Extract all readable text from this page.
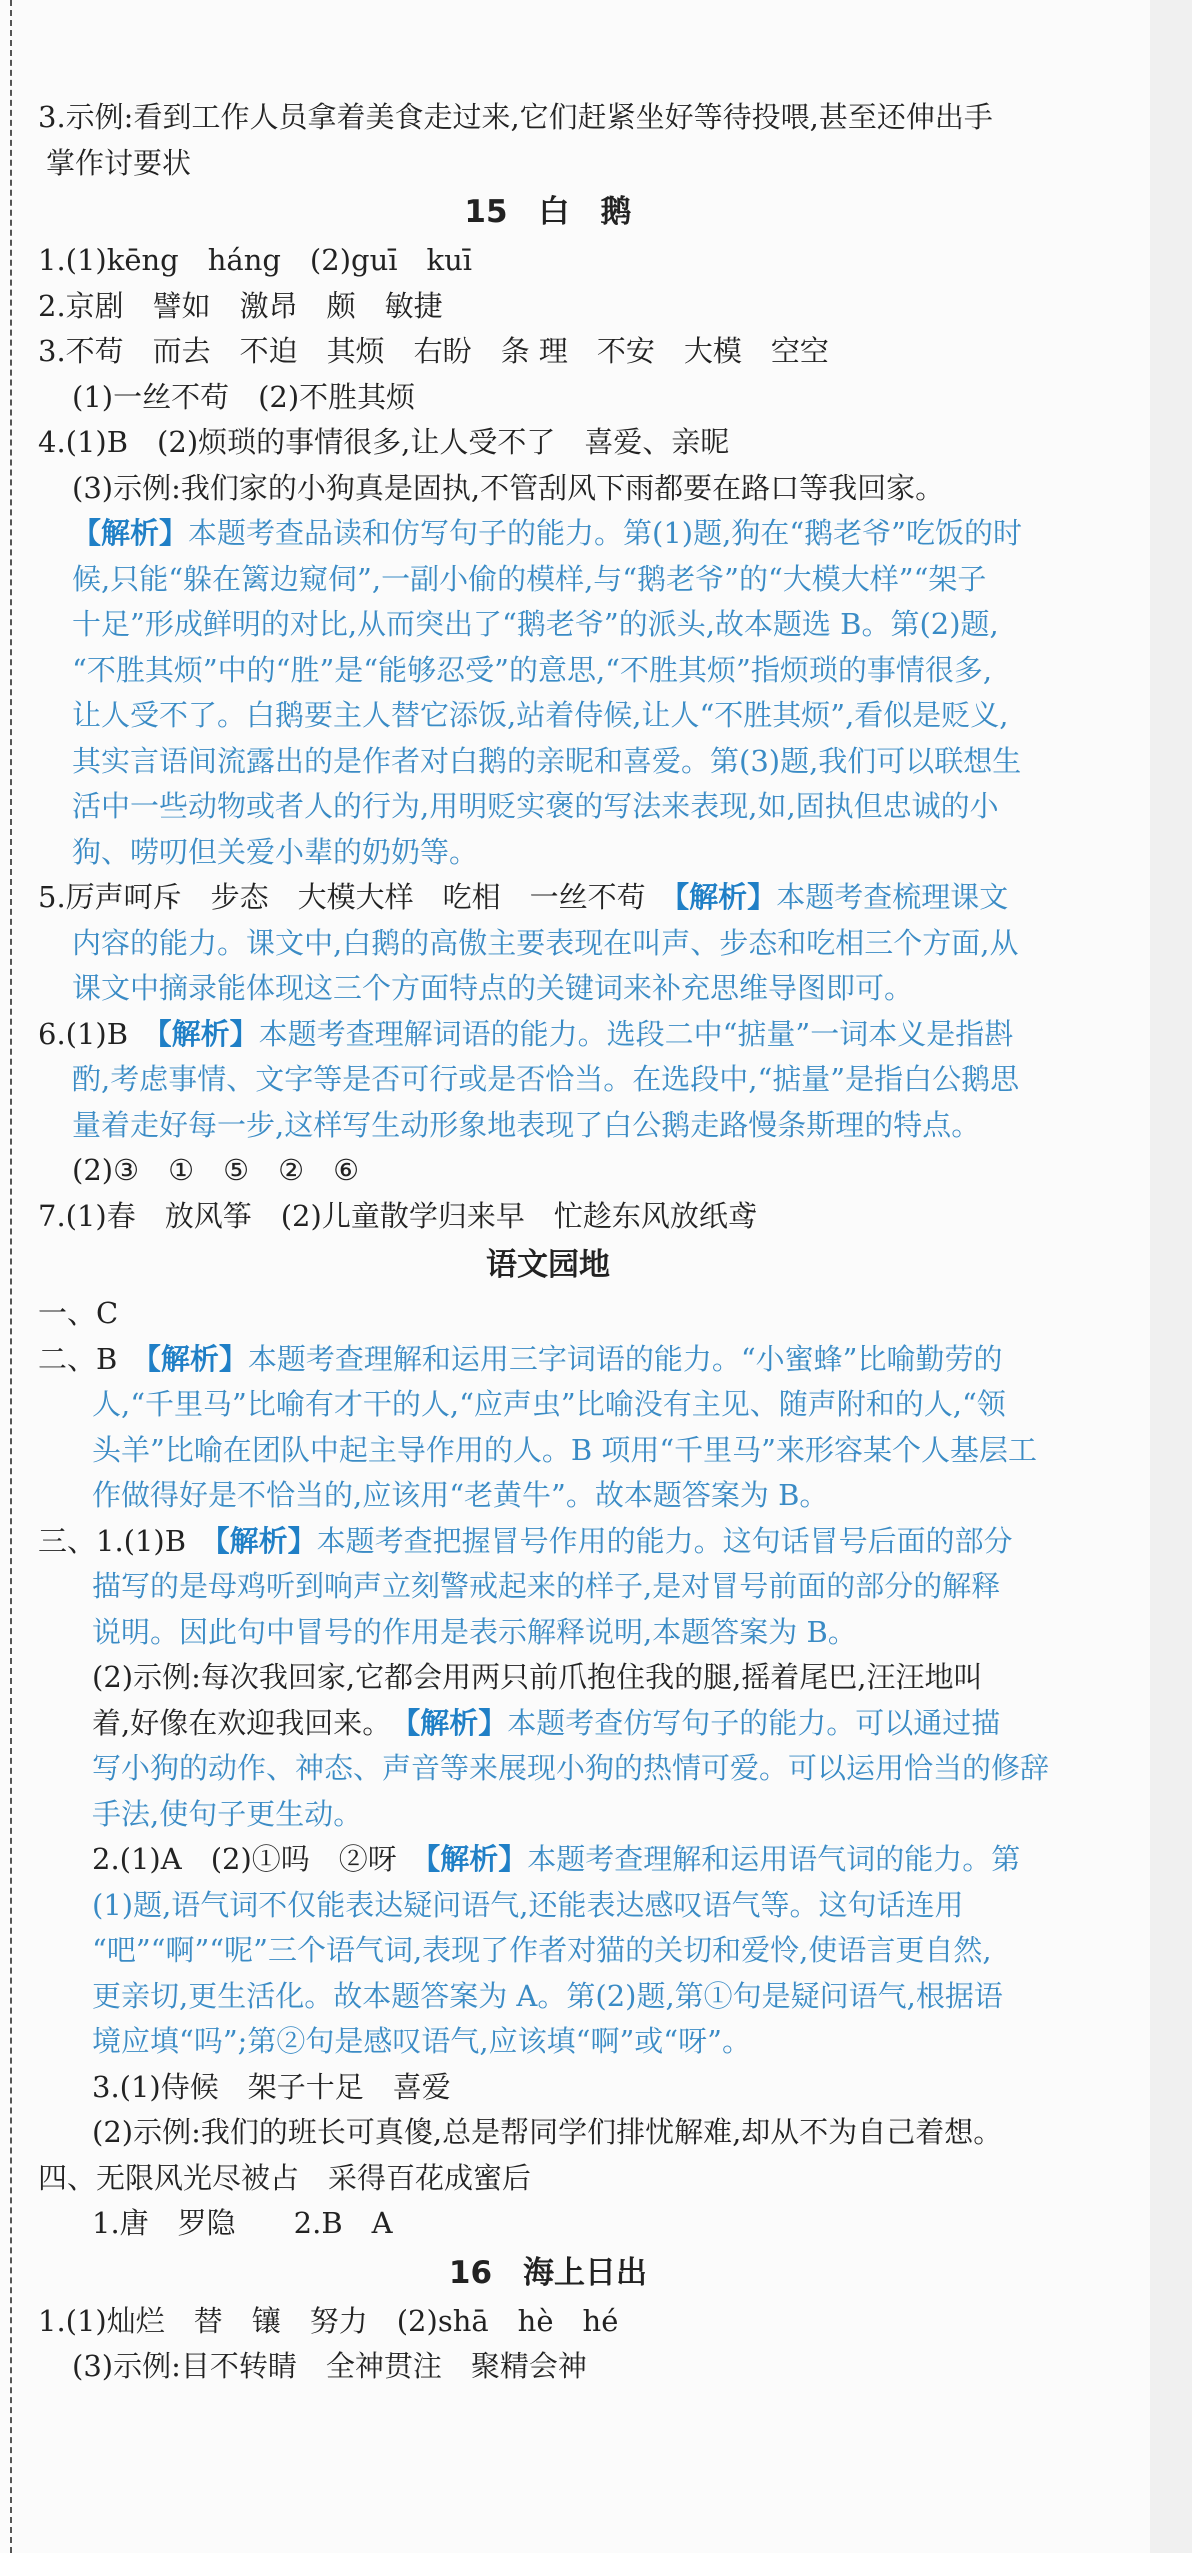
3.示例:看到工作人员拿着美食走过来,它们赶紧坐好等待投喂,甚至还伸出手
掌作讨要状
15　白　鹅
1.(1)kēng　háng　(2)guī　kuī
2.京剧　譬如　激昂　颇　敏捷
3.不苟　而去　不迫　其烦　右盼　条 理　不安　大模　空空
(1)一丝不苟　(2)不胜其烦
4.(1)B　(2)烦琐的事情很多,让人受不了　喜爱、亲昵
(3)示例:我们家的小狗真是固执,不管刮风下雨都要在路口等我回家。
【解析】本题考查品读和仿写句子的能力。第(1)题,狗在“鹅老爷”吃饭的时
候,只能“躲在篱边窥伺”,一副小偷的模样,与“鹅老爷”的“大模大样”“架子
十足”形成鲜明的对比,从而突出了“鹅老爷”的派头,故本题选 B。第(2)题,
“不胜其烦”中的“胜”是“能够忍受”的意思,“不胜其烦”指烦琐的事情很多,
让人受不了。白鹅要主人替它添饭,站着侍候,让人“不胜其烦”,看似是贬义,
其实言语间流露出的是作者对白鹅的亲昵和喜爱。第(3)题,我们可以联想生
活中一些动物或者人的行为,用明贬实褒的写法来表现,如,固执但忠诚的小
狗、唠叨但关爱小辈的奶奶等。
5.厉声呵斥　步态　大模大样　吃相　一丝不苟　【解析】本题考查梳理课文
内容的能力。课文中,白鹅的高傲主要表现在叫声、步态和吃相三个方面,从
课文中摘录能体现这三个方面特点的关键词来补充思维导图即可。
6.(1)B　【解析】本题考查理解词语的能力。选段二中“掂量”一词本义是指斟
酌,考虑事情、文字等是否可行或是否恰当。在选段中,“掂量”是指白公鹅思
量着走好每一步,这样写生动形象地表现了白公鹅走路慢条斯理的特点。
(2)③　①　⑤　②　⑥
7.(1)春　放风筝　(2)儿童散学归来早　忙趁东风放纸鸢
语文园地
一、C
二、B　【解析】本题考查理解和运用三字词语的能力。“小蜜蜂”比喻勤劳的
人,“千里马”比喻有才干的人,“应声虫”比喻没有主见、随声附和的人,“领
头羊”比喻在团队中起主导作用的人。B 项用“千里马”来形容某个人基层工
作做得好是不恰当的,应该用“老黄牛”。故本题答案为 B。
三、1.(1)B　【解析】本题考查把握冒号作用的能力。这句话冒号后面的部分
描写的是母鸡听到响声立刻警戒起来的样子,是对冒号前面的部分的解释
说明。因此句中冒号的作用是表示解释说明,本题答案为 B。
(2)示例:每次我回家,它都会用两只前爪抱住我的腿,摇着尾巴,汪汪地叫
着,好像在欢迎我回来。　【解析】本题考查仿写句子的能力。可以通过描
写小狗的动作、神态、声音等来展现小狗的热情可爱。可以运用恰当的修辞
手法,使句子更生动。
2.(1)A　(2)①吗　②呀　【解析】本题考查理解和运用语气词的能力。第
(1)题,语气词不仅能表达疑问语气,还能表达感叹语气等。这句话连用
“吧”“啊”“呢”三个语气词,表现了作者对猫的关切和爱怜,使语言更自然,
更亲切,更生活化。故本题答案为 A。第(2)题,第①句是疑问语气,根据语
境应填“吗”;第②句是感叹语气,应该填“啊”或“呀”。
3.(1)侍候　架子十足　喜爱
(2)示例:我们的班长可真傻,总是帮同学们排忧解难,却从不为自己着想。
四、无限风光尽被占　采得百花成蜜后
1.唐　罗隐　　2.B　A
16　海上日出
1.(1)灿烂　替　镶　努力　(2)shā　hè　hé
(3)示例:目不转睛　全神贯注　聚精会神
